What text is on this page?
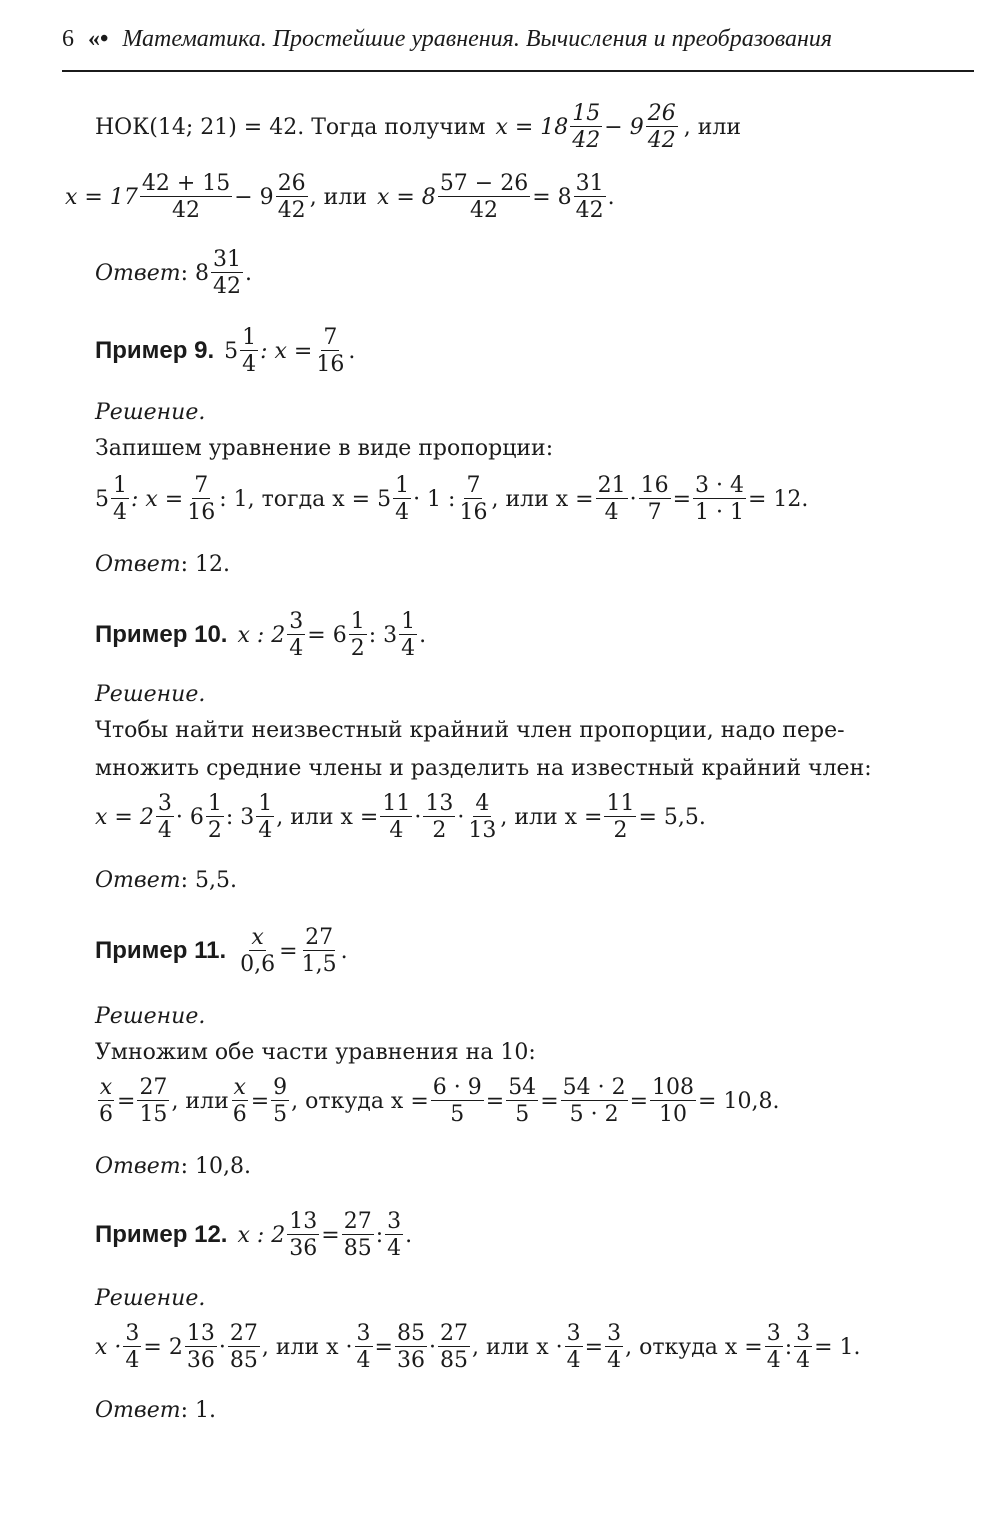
6 «• Математика. Простейшие уравнения. Вычисления и преобразования
НОК(14; 21) = 42. Тогда получим $x = 18 \frac{15}{42} - 9 \frac{26}{42}$ , или
$x = 17 \frac{42 + 15}{42} - 9 \frac{26}{42}$ , или $x = 8 \frac{57 - 26}{42} = 8 \frac{31}{42}$ .
Ответ : $8 \frac{31}{42}$ .
Пример 9. $5 \frac{1}{4}$ : $x = \frac{7}{16}$ .
Решение.
Запишем уравнение в виде пропорции:
$5 \frac{1}{4}$ : $x = \frac{7}{16}$ : 1, тогда $x = 5 \frac{1}{4} \cdot 1$ : $\frac{7}{16}$ , или $x = \frac{21}{4} \cdot \frac{16}{7} = \frac{3 \cdot 4}{1 \cdot 1} = 12$.
Ответ : 12.
Пример 10. x : $2 \frac{3}{4} = 6 \frac{1}{2}$ : $3 \frac{1}{4}$ .
Решение.
Чтобы найти неизвестный крайний член пропорции, надо пере-
множить средние члены и разделить на известный крайний член:
$x = 2 \frac{3}{4} \cdot 6 \frac{1}{2}$ : $3 \frac{1}{4}$ , или $x = \frac{11}{4} \cdot \frac{13}{2} \cdot \frac{4}{13}$ , или $x = \frac{11}{2} = 5,5$.
Ответ : 5,5.
Пример 11. $\frac{x}{0,6} = \frac{27}{1,5}$ .
Решение.
Умножим обе части уравнения на 10:
$\frac{x}{6} = \frac{27}{15}$ , или $\frac{x}{6} = \frac{9}{5}$ , откуда $x = \frac{6 \cdot 9}{5} = \frac{54}{5} = \frac{54 \cdot 2}{5 \cdot 2} = \frac{108}{10} = 10,8$.
Ответ : 10,8.
Пример 12. x : $2 \frac{13}{36} = \frac{27}{85}$ : $\frac{3}{4}$ .
Решение.
$x \cdot \frac{3}{4} = 2 \frac{13}{36} \cdot \frac{27}{85}$ , или $x \cdot \frac{3}{4} = \frac{85}{36} \cdot \frac{27}{85}$ , или $x \cdot \frac{3}{4} = \frac{3}{4}$ , откуда $x = \frac{3}{4}$ : $\frac{3}{4} = 1$.
Ответ : 1.
